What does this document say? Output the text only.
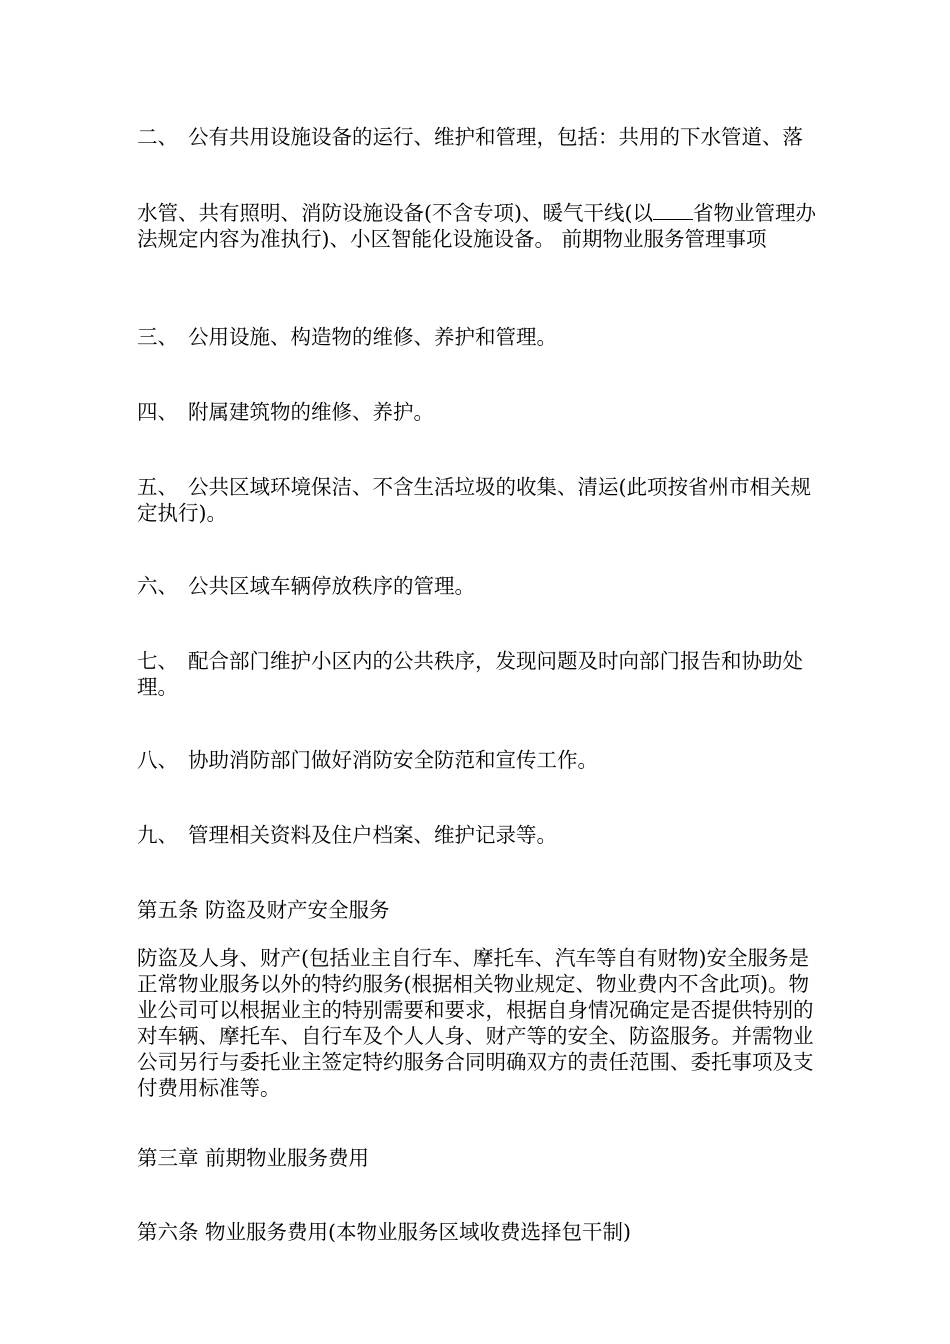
二、 公有共用设施设备的运行、维护和管理，包括：共用的下水管道、落

水管、共有照明、消防设施设备(不含专项)、暖气干线(以 省物业管理办法规定内容为准执行)、小区智能化设施设备。 前期物业服务管理事项

三、 公用设施、构造物的维修、养护和管理。

四、 附属建筑物的维修、养护。

五、 公共区域环境保洁、不含生活垃圾的收集、清运(此项按省州市相关规定执行)。

六、 公共区域车辆停放秩序的管理。

七、 配合部门维护小区内的公共秩序，发现问题及时向部门报告和协助处理。

八、 协助消防部门做好消防安全防范和宣传工作。

九、 管理相关资料及住户档案、维护记录等。

第五条 防盗及财产安全服务

防盗及人身、财产(包括业主自行车、摩托车、汽车等自有财物)安全服务是正常物业服务以外的特约服务(根据相关物业规定、物业费内不含此项)。物业公司可以根据业主的特别需要和要求，根据自身情况确定是否提供特别的对车辆、摩托车、自行车及个人人身、财产等的安全、防盗服务。并需物业公司另行与委托业主签定特约服务合同明确双方的责任范围、委托事项及支付费用标准等。

第三章 前期物业服务费用

第六条 物业服务费用(本物业服务区域收费选择包干制)
